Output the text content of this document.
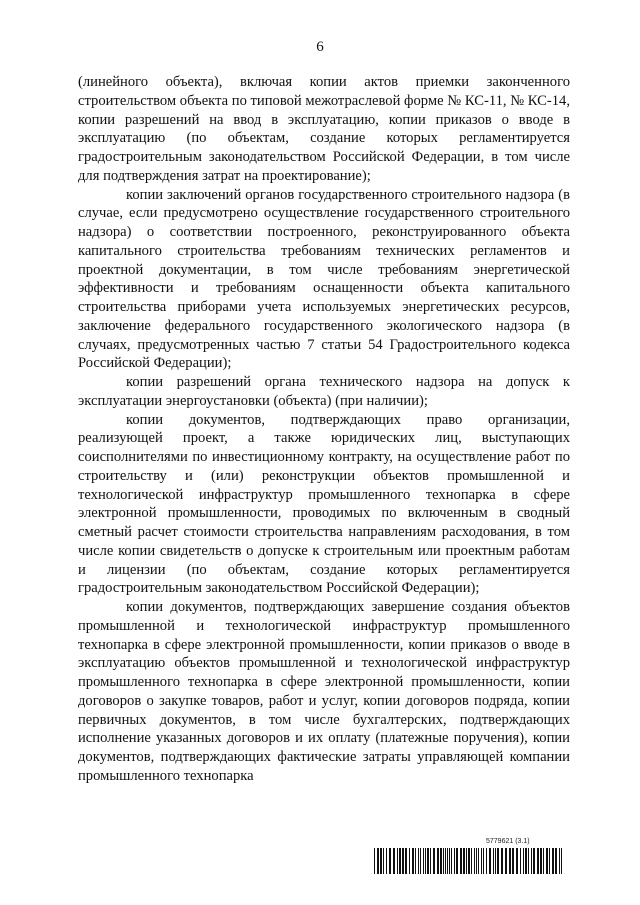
6

(линейного объекта), включая копии актов приемки законченного строительством объекта по типовой межотраслевой форме № КС-11, № КС-14, копии разрешений на ввод в эксплуатацию, копии приказов о вводе в эксплуатацию (по объектам, создание которых регламентируется градостроительным законодательством Российской Федерации, в том числе для подтверждения затрат на проектирование);

копии заключений органов государственного строительного надзора (в случае, если предусмотрено осуществление государственного строительного надзора) о соответствии построенного, реконструированного объекта капитального строительства требованиям технических регламентов и проектной документации, в том числе требованиям энергетической эффективности и требованиям оснащенности объекта капитального строительства приборами учета используемых энергетических ресурсов, заключение федерального государственного экологического надзора (в случаях, предусмотренных частью 7 статьи 54 Градостроительного кодекса Российской Федерации);

копии разрешений органа технического надзора на допуск к эксплуатации энергоустановки (объекта) (при наличии);

копии документов, подтверждающих право организации, реализующей проект, а также юридических лиц, выступающих соисполнителями по инвестиционному контракту, на осуществление работ по строительству и (или) реконструкции объектов промышленной и технологической инфраструктур промышленного технопарка в сфере электронной промышленности, проводимых по включенным в сводный сметный расчет стоимости строительства направлениям расходования, в том числе копии свидетельств о допуске к строительным или проектным работам и лицензии (по объектам, создание которых регламентируется градостроительным законодательством Российской Федерации);

копии документов, подтверждающих завершение создания объектов промышленной и технологической инфраструктур промышленного технопарка в сфере электронной промышленности, копии приказов о вводе в эксплуатацию объектов промышленной и технологической инфраструктур промышленного технопарка в сфере электронной промышленности, копии договоров о закупке товаров, работ и услуг, копии договоров подряда, копии первичных документов, в том числе бухгалтерских, подтверждающих исполнение указанных договоров и их оплату (платежные поручения), копии документов, подтверждающих фактические затраты управляющей компании промышленного технопарка

5779621 (3.1)
